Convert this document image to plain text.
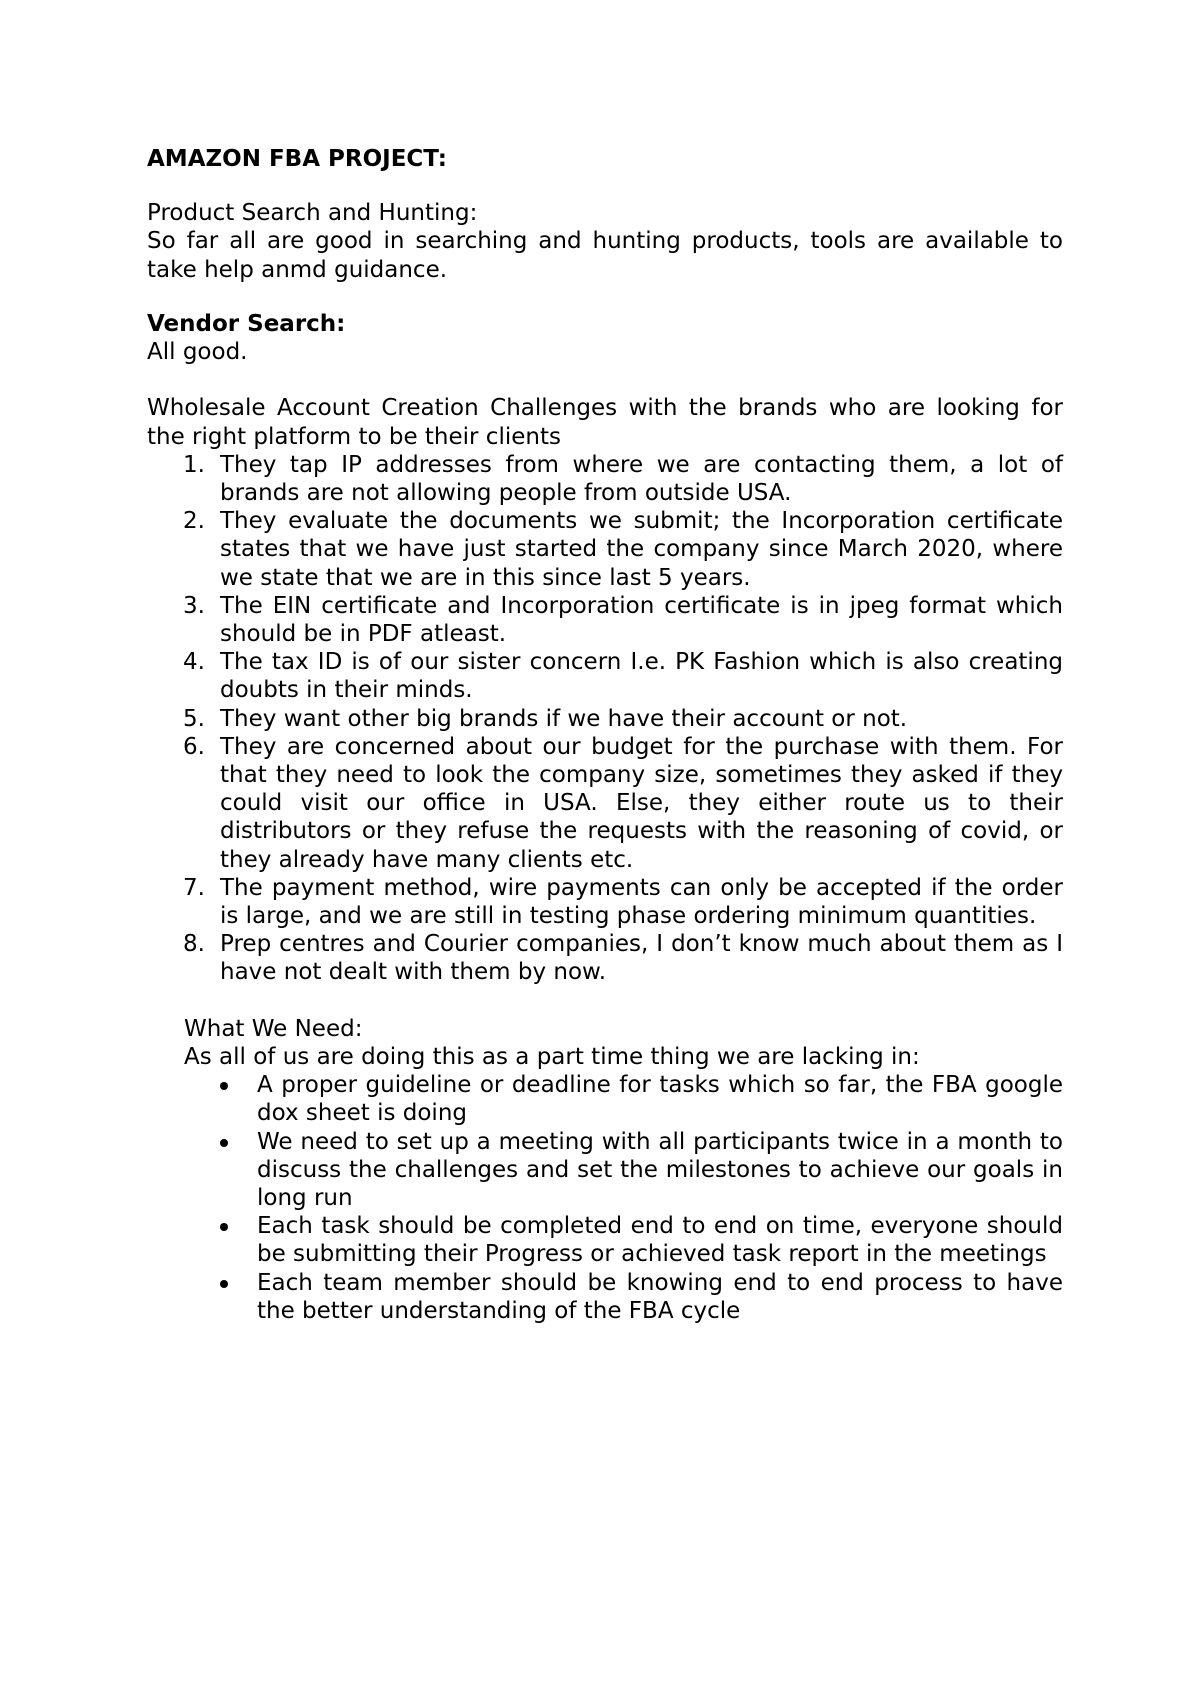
AMAZON FBA PROJECT:

Product Search and Hunting:

So far all are good in searching and hunting products, tools are available to take help anmd guidance.

Vendor Search:

All good.

Wholesale Account Creation Challenges with the brands who are looking for the right platform to be their clients

1. They tap IP addresses from where we are contacting them, a lot of brands are not allowing people from outside USA.
2. They evaluate the documents we submit; the Incorporation certificate states that we have just started the company since March 2020, where we state that we are in this since last 5 years.
3. The EIN certificate and Incorporation certificate is in jpeg format which should be in PDF atleast.
4. The tax ID is of our sister concern I.e. PK Fashion which is also creating doubts in their minds.
5. They want other big brands if we have their account or not.
6. They are concerned about our budget for the purchase with them. For that they need to look the company size, sometimes they asked if they could visit our office in USA. Else, they either route us to their distributors or they refuse the requests with the reasoning of covid, or they already have many clients etc.
7. The payment method, wire payments can only be accepted if the order is large, and we are still in testing phase ordering minimum quantities.
8. Prep centres and Courier companies, I don’t know much about them as I have not dealt with them by now.

What We Need:

As all of us are doing this as a part time thing we are lacking in:

A proper guideline or deadline for tasks which so far, the FBA google dox sheet is doing
We need to set up a meeting with all participants twice in a month to discuss the challenges and set the milestones to achieve our goals in long run
Each task should be completed end to end on time, everyone should be submitting their Progress or achieved task report in the meetings
Each team member should be knowing end to end process to have the better understanding of the FBA cycle
